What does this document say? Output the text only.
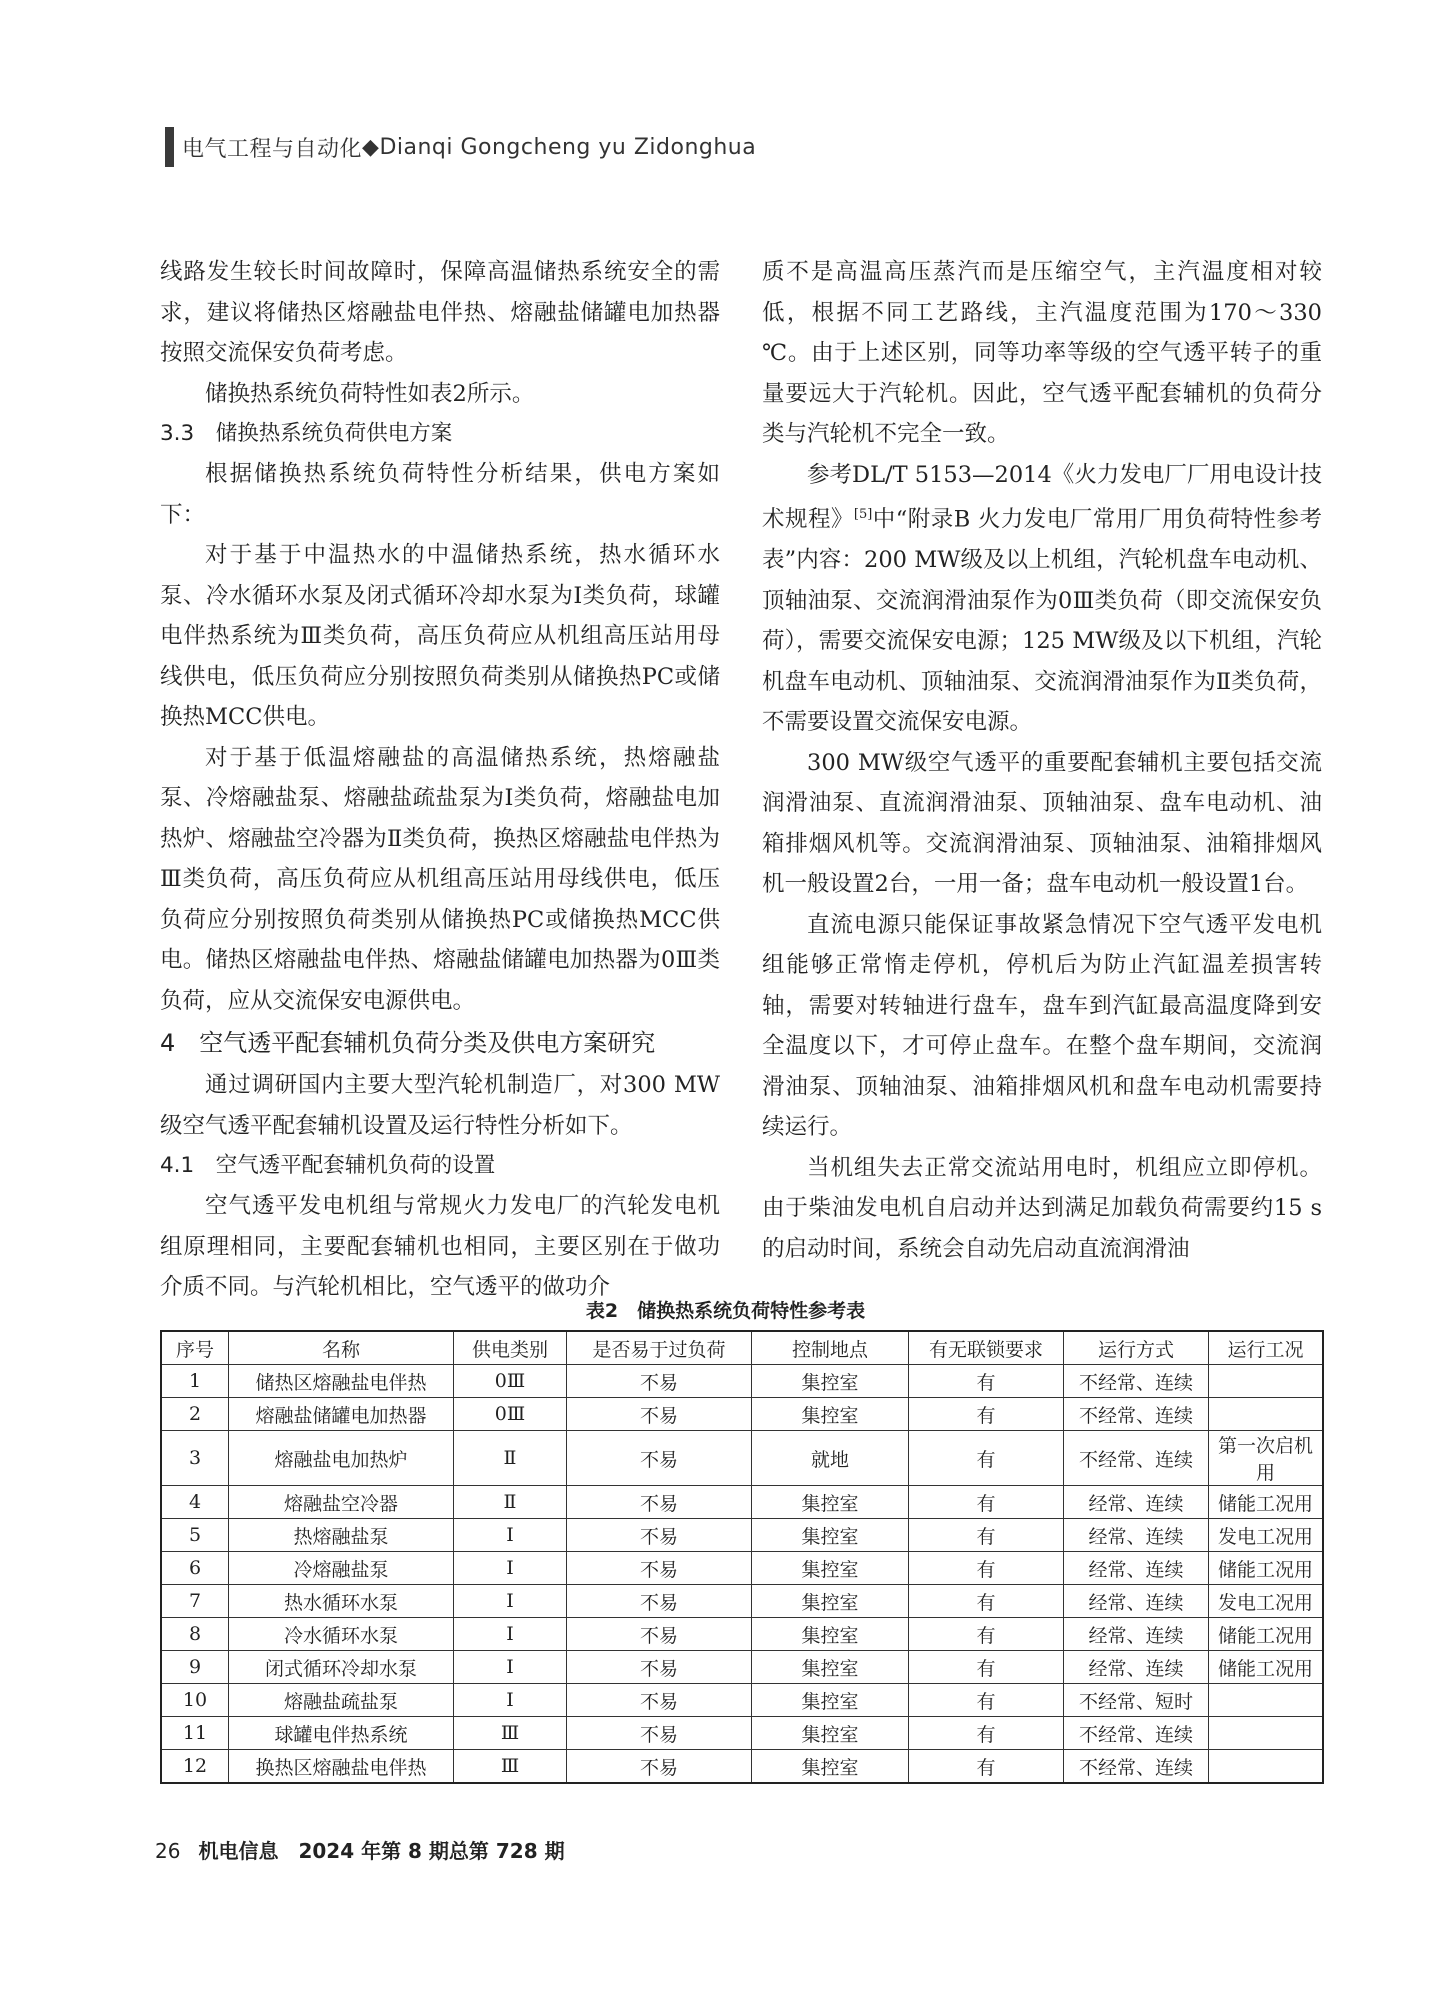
电气工程与自动化 ◆ Dianqi Gongcheng yu Zidonghua

线路发生较长时间故障时，保障高温储热系统安全的需求，建议将储热区熔融盐电伴热、熔融盐储罐电加热器按照交流保安负荷考虑。

储换热系统负荷特性如表2所示。

3.3　储换热系统负荷供电方案

根据储换热系统负荷特性分析结果，供电方案如下：

对于基于中温热水的中温储热系统，热水循环水泵、冷水循环水泵及闭式循环冷却水泵为Ⅰ类负荷，球罐电伴热系统为Ⅲ类负荷，高压负荷应从机组高压站用母线供电，低压负荷应分别按照负荷类别从储换热PC或储换热MCC供电。

对于基于低温熔融盐的高温储热系统，热熔融盐泵、冷熔融盐泵、熔融盐疏盐泵为Ⅰ类负荷，熔融盐电加热炉、熔融盐空冷器为Ⅱ类负荷，换热区熔融盐电伴热为Ⅲ类负荷，高压负荷应从机组高压站用母线供电，低压负荷应分别按照负荷类别从储换热PC或储换热MCC供电。储热区熔融盐电伴热、熔融盐储罐电加热器为0Ⅲ类负荷，应从交流保安电源供电。

4　空气透平配套辅机负荷分类及供电方案研究

通过调研国内主要大型汽轮机制造厂，对300 MW级空气透平配套辅机设置及运行特性分析如下。

4.1　空气透平配套辅机负荷的设置

空气透平发电机组与常规火力发电厂的汽轮发电机组原理相同，主要配套辅机也相同，主要区别在于做功介质不同。与汽轮机相比，空气透平的做功介

质不是高温高压蒸汽而是压缩空气，主汽温度相对较低，根据不同工艺路线，主汽温度范围为170～330 ℃。由于上述区别，同等功率等级的空气透平转子的重量要远大于汽轮机。因此，空气透平配套辅机的负荷分类与汽轮机不完全一致。

参考DL/T 5153—2014《火力发电厂厂用电设计技术规程》[5]中“附录B 火力发电厂常用厂用负荷特性参考表”内容：200 MW级及以上机组，汽轮机盘车电动机、顶轴油泵、交流润滑油泵作为0Ⅲ类负荷（即交流保安负荷），需要交流保安电源；125 MW级及以下机组，汽轮机盘车电动机、顶轴油泵、交流润滑油泵作为Ⅱ类负荷，不需要设置交流保安电源。

300 MW级空气透平的重要配套辅机主要包括交流润滑油泵、直流润滑油泵、顶轴油泵、盘车电动机、油箱排烟风机等。交流润滑油泵、顶轴油泵、油箱排烟风机一般设置2台，一用一备；盘车电动机一般设置1台。

直流电源只能保证事故紧急情况下空气透平发电机组能够正常惰走停机，停机后为防止汽缸温差损害转轴，需要对转轴进行盘车，盘车到汽缸最高温度降到安全温度以下，才可停止盘车。在整个盘车期间，交流润滑油泵、顶轴油泵、油箱排烟风机和盘车电动机需要持续运行。

当机组失去正常交流站用电时，机组应立即停机。由于柴油发电机自启动并达到满足加载负荷需要约15 s的启动时间，系统会自动先启动直流润滑油

表2　储换热系统负荷特性参考表
序号	名称	供电类别	是否易于过负荷	控制地点	有无联锁要求	运行方式	运行工况
1	储热区熔融盐电伴热	0Ⅲ	不易	集控室	有	不经常、连续	
2	熔融盐储罐电加热器	0Ⅲ	不易	集控室	有	不经常、连续	
3	熔融盐电加热炉	Ⅱ	不易	就地	有	不经常、连续	第一次启机用
4	熔融盐空冷器	Ⅱ	不易	集控室	有	经常、连续	储能工况用
5	热熔融盐泵	Ⅰ	不易	集控室	有	经常、连续	发电工况用
6	冷熔融盐泵	Ⅰ	不易	集控室	有	经常、连续	储能工况用
7	热水循环水泵	Ⅰ	不易	集控室	有	经常、连续	发电工况用
8	冷水循环水泵	Ⅰ	不易	集控室	有	经常、连续	储能工况用
9	闭式循环冷却水泵	Ⅰ	不易	集控室	有	经常、连续	储能工况用
10	熔融盐疏盐泵	Ⅰ	不易	集控室	有	不经常、短时	
11	球罐电伴热系统	Ⅲ	不易	集控室	有	不经常、连续	
12	换热区熔融盐电伴热	Ⅲ	不易	集控室	有	不经常、连续	
26 机电信息　2024 年第 8 期总第 728 期
